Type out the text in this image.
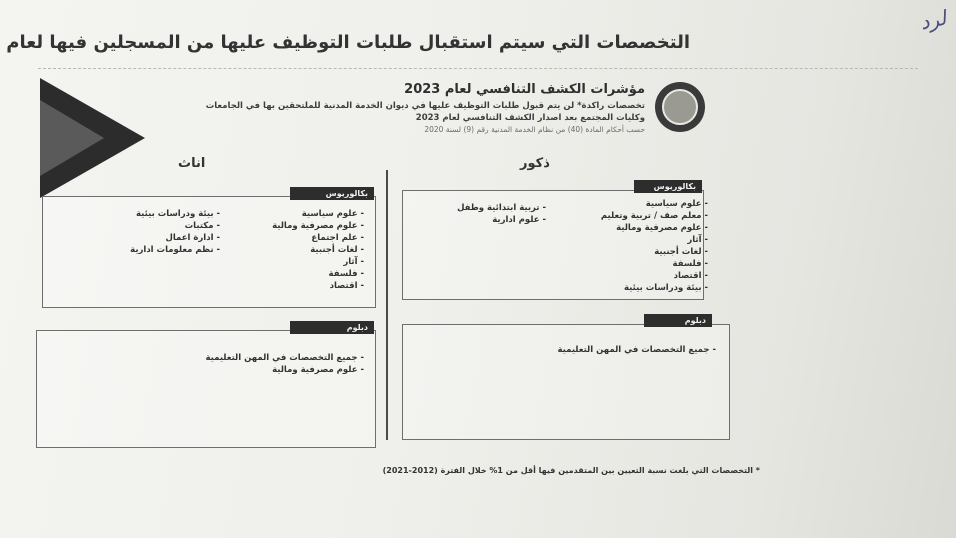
لرد
التخصصات التي سيتم استقبال طلبات التوظيف عليها من المسجلين فيها لعام
مؤشرات الكشف التنافسي لعام 2023
تخصصات راكدة* لن يتم قبول طلبات التوظيف عليها في ديوان الخدمة المدنية للملتحقين بها في الجامعات
وكليات المجتمع بعد اصدار الكشف التنافسي لعام 2023
حسب أحكام المادة (40) من نظام الخدمة المدنية رقم (9) لسنة 2020
اناث	ذكور
بكالوريوس
- علوم سياسية
- علوم مصرفية ومالية
- علم اجتماع
- لغات أجنبية
- آثار
- فلسفة
- اقتصاد
- بيئة ودراسات بيئية
- مكتبات
- ادارة اعمال
- نظم معلومات ادارية
دبلوم
- جميع التخصصات في المهن التعليمية
- علوم مصرفية ومالية
بكالوريوس
- علوم سياسية
- معلم صف / تربية وتعليم
- علوم مصرفية ومالية
- آثار
- لغات أجنبية
- فلسفة
- اقتصاد
- بيئة ودراسات بيئية
- تربية ابتدائية وطفل
- علوم ادارية
دبلوم
- جميع التخصصات في المهن التعليمية
* التخصصات التي بلغت نسبة التعيين بين المتقدمين فيها أقل من 1% خلال الفترة (2012-2021)
